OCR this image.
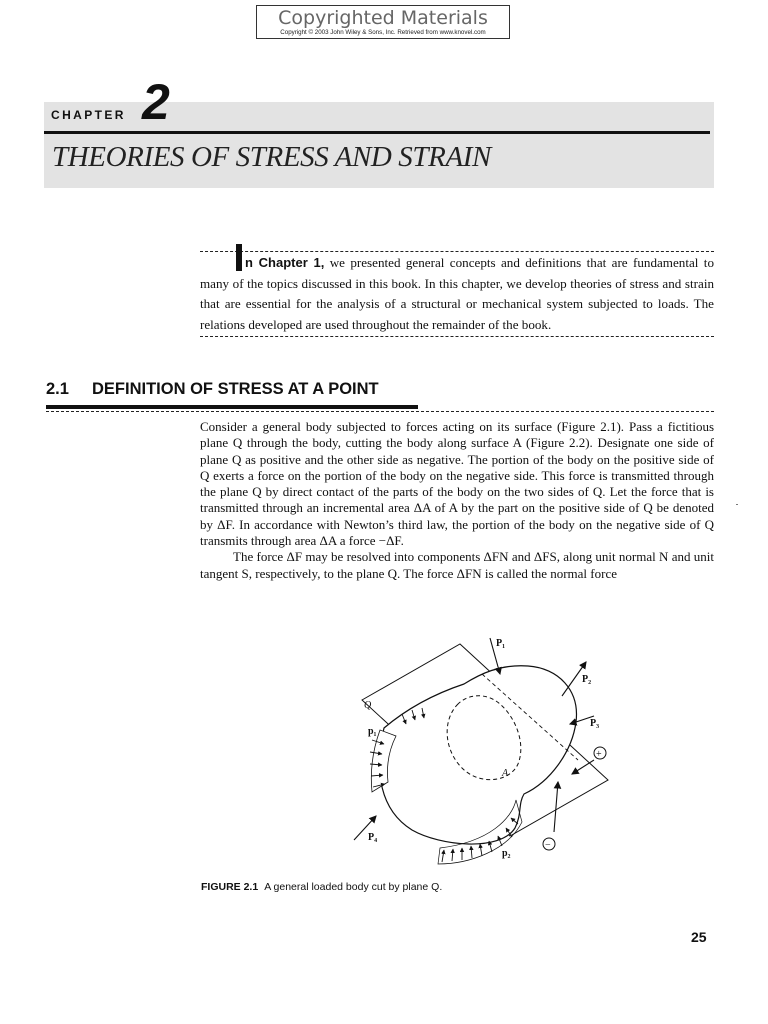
Copyrighted Materials
Copyright © 2003 John Wiley & Sons, Inc. Retrieved from www.knovel.com
CHAPTER 2
THEORIES OF STRESS AND STRAIN
n Chapter 1, we presented general concepts and definitions that are fundamental to many of the topics discussed in this book. In this chapter, we develop theories of stress and strain that are essential for the analysis of a structural or mechanical system subjected to loads. The relations developed are used throughout the remainder of the book.
2.1 DEFINITION OF STRESS AT A POINT

Consider a general body subjected to forces acting on its surface (Figure 2.1). Pass a fictitious plane Q through the body, cutting the body along surface A (Figure 2.2). Designate one side of plane Q as positive and the other side as negative. The portion of the body on the positive side of Q exerts a force on the portion of the body on the negative side. This force is transmitted through the plane Q by direct contact of the parts of the body on the two sides of Q. Let the force that is transmitted through an incremental area ΔA of A by the part on the positive side of Q be denoted by ΔF. In accordance with Newton’s third law, the portion of the body on the negative side of Q transmits through area ΔA a force −ΔF.

The force ΔF may be resolved into components ΔFN and ΔFS, along unit normal N and unit tangent S, respectively, to the plane Q. The force ΔFN is called the normal force

P₁
P₂
P₃
P₄
p₁
p₂
Q
A
+
−
FIGURE 2.1 A general loaded body cut by plane Q.
25
